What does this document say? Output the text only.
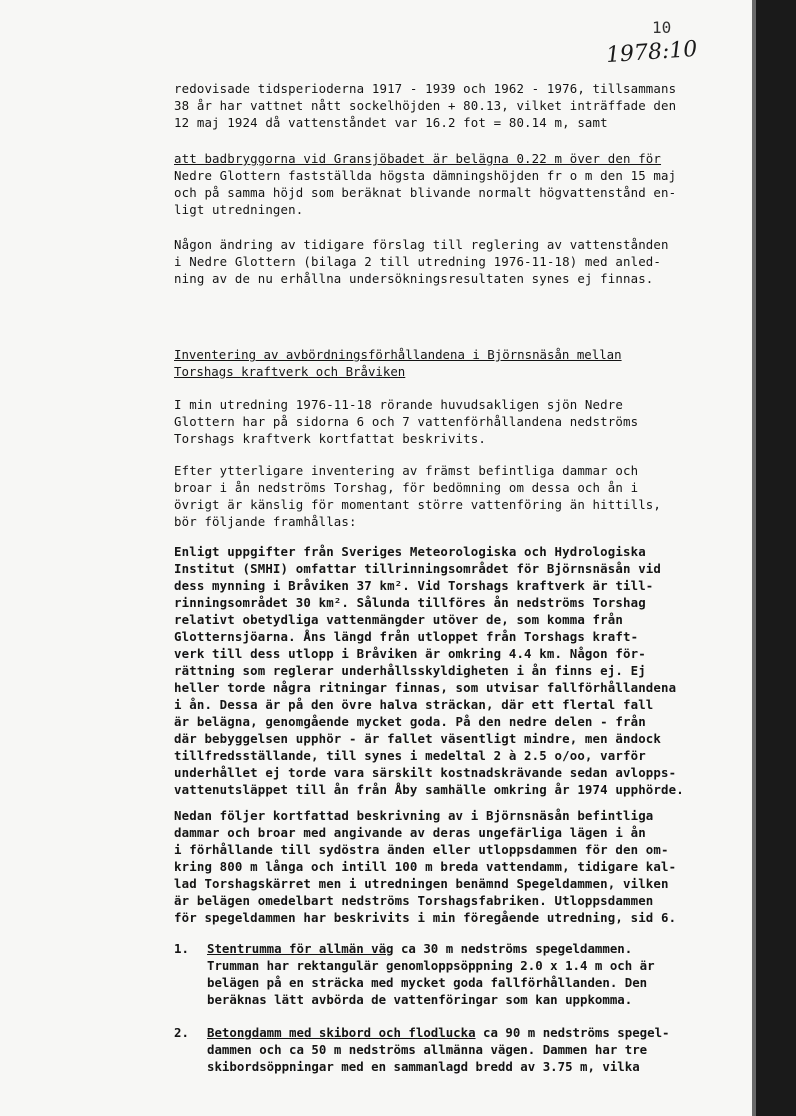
10
1978:10

redovisade tidsperioderna 1917 - 1939 och 1962 - 1976, tillsammans
38 år har vattnet nått sockelhöjden + 80.13, vilket inträffade den
12 maj 1924 då vattenståndet var 16.2 fot = 80.14 m, samt

att badbryggorna vid Gransjöbadet är belägna 0.22 m över den för
Nedre Glottern fastställda högsta dämningshöjden fr o m den 15 maj
och på samma höjd som beräknat blivande normalt högvattenstånd en-
ligt utredningen.

Någon ändring av tidigare förslag till reglering av vattenstånden
i Nedre Glottern (bilaga 2 till utredning 1976-11-18) med anled-
ning av de nu erhållna undersökningsresultaten synes ej finnas.

Inventering av avbördningsförhållandena i Björnsnäsån mellan
Torshags kraftverk och Bråviken

I min utredning 1976-11-18 rörande huvudsakligen sjön Nedre
Glottern har på sidorna 6 och 7 vattenförhållandena nedströms
Torshags kraftverk kortfattat beskrivits.

Efter ytterligare inventering av främst befintliga dammar och
broar i ån nedströms Torshag, för bedömning om dessa och ån i
övrigt är känslig för momentant större vattenföring än hittills,
bör följande framhållas:

Enligt uppgifter från Sveriges Meteorologiska och Hydrologiska
Institut (SMHI) omfattar tillrinningsområdet för Björnsnäsån vid
dess mynning i Bråviken 37 km². Vid Torshags kraftverk är till-
rinningsområdet 30 km². Sålunda tillföres ån nedströms Torshag
relativt obetydliga vattenmängder utöver de, som komma från
Glotternsjöarna. Åns längd från utloppet från Torshags kraft-
verk till dess utlopp i Bråviken är omkring 4.4 km. Någon för-
rättning som reglerar underhållsskyldigheten i ån finns ej. Ej
heller torde några ritningar finnas, som utvisar fallförhållandena
i ån. Dessa är på den övre halva sträckan, där ett flertal fall
är belägna, genomgående mycket goda. På den nedre delen - från
där bebyggelsen upphör - är fallet väsentligt mindre, men ändock
tillfredsställande, till synes i medeltal 2 à 2.5 o/oo, varför
underhållet ej torde vara särskilt kostnadskrävande sedan avlopps-
vattenutsläppet till ån från Åby samhälle omkring år 1974 upphörde.

Nedan följer kortfattad beskrivning av i Björnsnäsån befintliga
dammar och broar med angivande av deras ungefärliga lägen i ån
i förhållande till sydöstra änden eller utloppsdammen för den om-
kring 800 m långa och intill 100 m breda vattendamm, tidigare kal-
lad Torshagskärret men i utredningen benämnd Spegeldammen, vilken
är belägen omedelbart nedströms Torshagsfabriken. Utloppsdammen
för spegeldammen har beskrivits i min föregående utredning, sid 6.

1. Stentrumma för allmän väg ca 30 m nedströms spegeldammen.
Trumman har rektangulär genomloppsöppning 2.0 x 1.4 m och är
belägen på en sträcka med mycket goda fallförhållanden. Den
beräknas lätt avbörda de vattenföringar som kan uppkomma.

2. Betongdamm med skibord och flodlucka ca 90 m nedströms spegel-
dammen och ca 50 m nedströms allmänna vägen. Dammen har tre
skibordsöppningar med en sammanlagd bredd av 3.75 m, vilka
